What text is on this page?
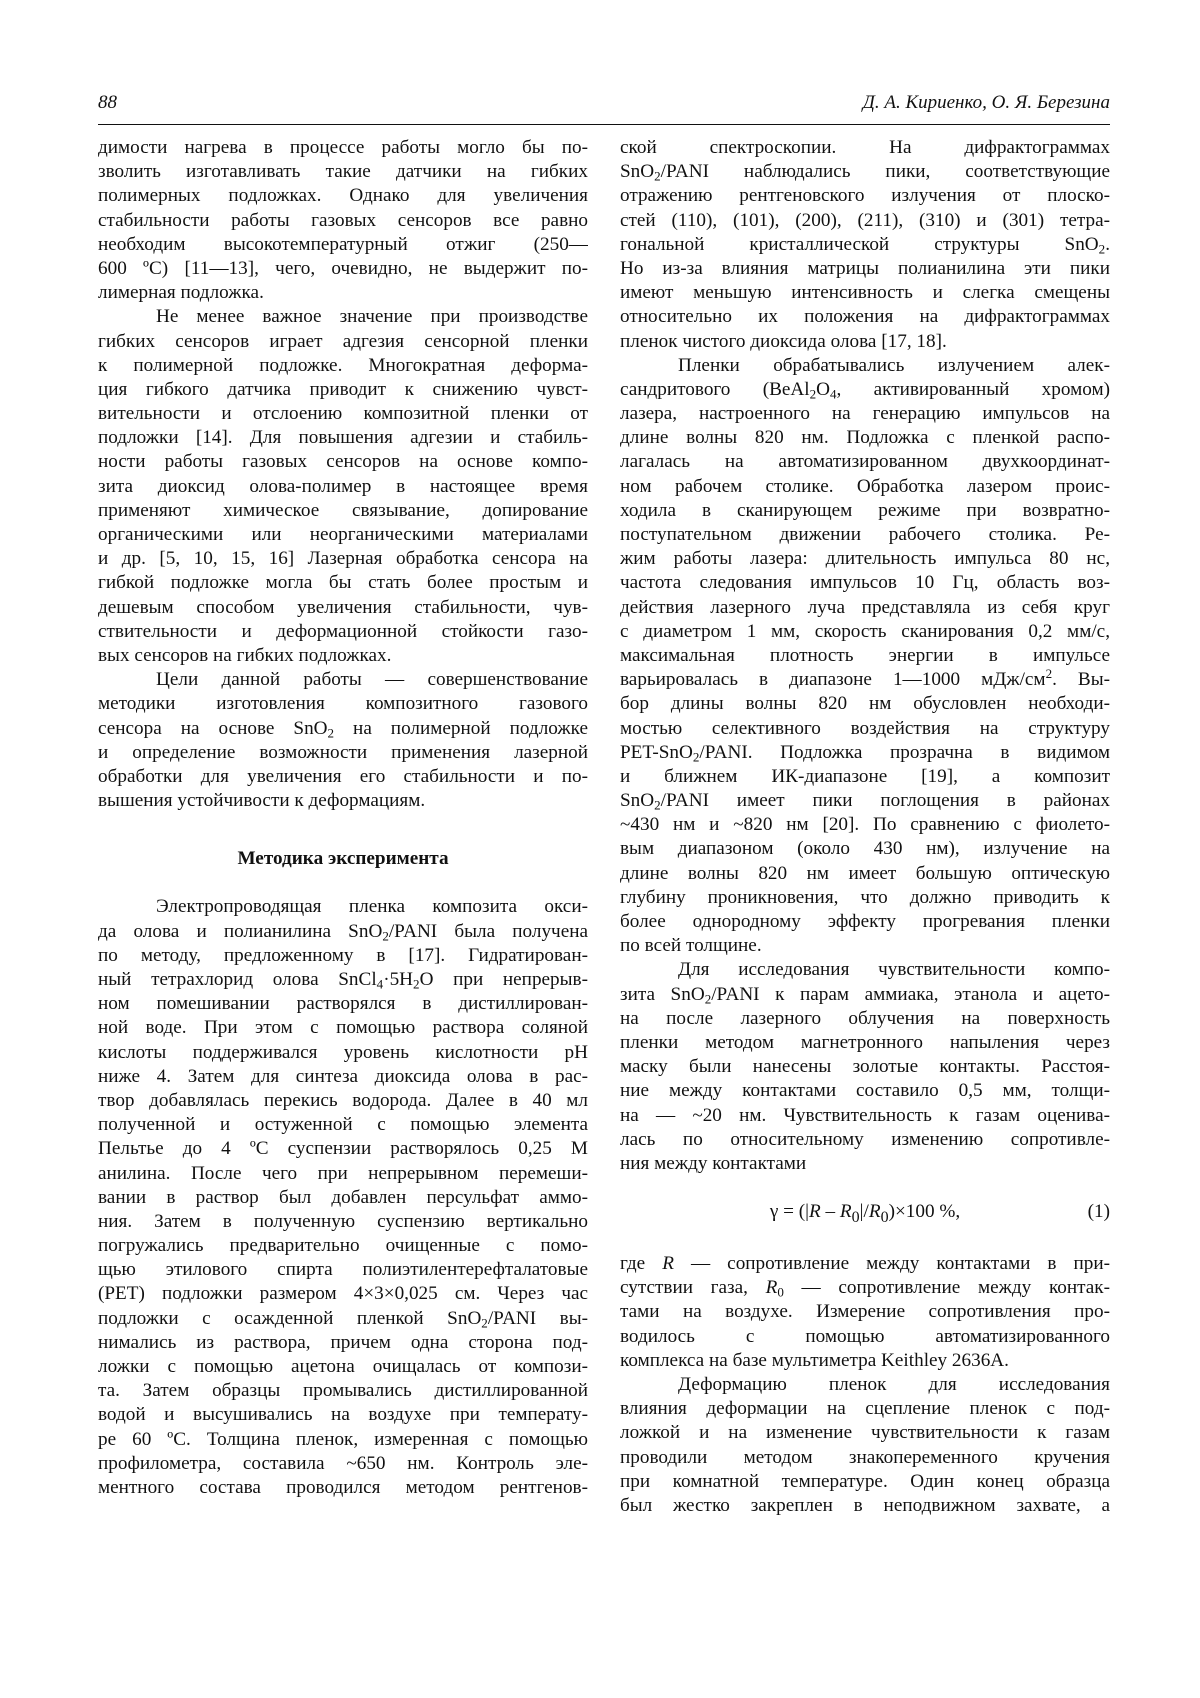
88	Д. А. Кириенко, О. Я. Березина
димости нагрева в процессе работы могло бы по-
зволить изготавливать такие датчики на гибких
полимерных подложках. Однако для увеличения
стабильности работы газовых сенсоров все равно
необходим высокотемпературный отжиг (250—
600 ºC) [11—13], чего, очевидно, не выдержит по-
лимерная подложка.
Не менее важное значение при производстве
гибких сенсоров играет адгезия сенсорной пленки
к полимерной подложке. Многократная деформа-
ция гибкого датчика приводит к снижению чувст-
вительности и отслоению композитной пленки от
подложки [14]. Для повышения адгезии и стабиль-
ности работы газовых сенсоров на основе компо-
зита диоксид олова-полимер в настоящее время
применяют химическое связывание, допирование
органическими или неорганическими материалами
и др. [5, 10, 15, 16] Лазерная обработка сенсора на
гибкой подложке могла бы стать более простым и
дешевым способом увеличения стабильности, чув-
ствительности и деформационной стойкости газо-
вых сенсоров на гибких подложках.
Цели данной работы — совершенствование
методики изготовления композитного газового
сенсора на основе SnO$_2$ на полимерной подложке
и определение возможности применения лазерной
обработки для увеличения его стабильности и по-
вышения устойчивости к деформациям.
Методика эксперимента
Электропроводящая пленка композита окси-
да олова и полианилина SnO$_2$/PANI была получена
по методу, предложенному в [17]. Гидратирован-
ный тетрахлорид олова $SnCl_4\cdot 5H_2O$ при непрерыв-
ном помешивании растворялся в дистиллирован-
ной воде. При этом с помощью раствора соляной
кислоты поддерживался уровень кислотности pH
ниже 4. Затем для синтеза диоксида олова в рас-
твор добавлялась перекись водорода. Далее в 40 мл
полученной и остуженной с помощью элемента
Пельтье до 4 ºC суспензии растворялось 0,25 M
анилина. После чего при непрерывном перемеши-
вании в раствор был добавлен персульфат аммо-
ния. Затем в полученную суспензию вертикально
погружались предварительно очищенные с помо-
щью этилового спирта полиэтилентерефталатовые
(PET) подложки размером 4×3×0,025 см. Через час
подложки с осажденной пленкой SnO$_2$/PANI вы-
нимались из раствора, причем одна сторона под-
ложки с помощью ацетона очищалась от компози-
та. Затем образцы промывались дистиллированной
водой и высушивались на воздухе при температу-
ре 60 ºC. Толщина пленок, измеренная с помощью
профилометра, составила ~650 нм. Контроль эле-
ментного состава проводился методом рентгенов-
ской спектроскопии. На дифрактограммах
SnO$_2$/PANI наблюдались пики, соответствующие
отражению рентгеновского излучения от плоско-
стей (110), (101), (200), (211), (310) и (301) тетра-
гональной кристаллической структуры SnO$_2$.
Но из-за влияния матрицы полианилина эти пики
имеют меньшую интенсивность и слегка смещены
относительно их положения на дифрактограммах
пленок чистого диоксида олова [17, 18].
Пленки обрабатывались излучением алек-
сандритового ($BeAl_2O_4$, активированный хромом)
лазера, настроенного на генерацию импульсов на
длине волны 820 нм. Подложка с пленкой распо-
лагалась на автоматизированном двухкоординат-
ном рабочем столике. Обработка лазером проис-
ходила в сканирующем режиме при возвратно-
поступательном движении рабочего столика. Ре-
жим работы лазера: длительность импульса 80 нс,
частота следования импульсов 10 Гц, область воз-
действия лазерного луча представляла из себя круг
с диаметром 1 мм, скорость сканирования 0,2 мм/с,
максимальная плотность энергии в импульсе
варьировалась в диапазоне 1—1000 мДж/$см^2$. Вы-
бор длины волны 820 нм обусловлен необходи-
мостью селективного воздействия на структуру
PET-SnO$_2$/PANI. Подложка прозрачна в видимом
и ближнем ИК-диапазоне [19], а композит
SnO$_2$/PANI имеет пики поглощения в районах
~430 нм и ~820 нм [20]. По сравнению с фиолето-
вым диапазоном (около 430 нм), излучение на
длине волны 820 нм имеет большую оптическую
глубину проникновения, что должно приводить к
более однородному эффекту прогревания пленки
по всей толщине.
Для исследования чувствительности компо-
зита SnO$_2$/PANI к парам аммиака, этанола и ацето-
на после лазерного облучения на поверхность
пленки методом магнетронного напыления через
маску были нанесены золотые контакты. Расстоя-
ние между контактами составило 0,5 мм, толщи-
на — ~20 нм. Чувствительность к газам оценива-
лась по относительному изменению сопротивле-
ния между контактами
$\gamma = (|R - R_0|/R_0)\times 100$ %,	(1)
где R — сопротивление между контактами в при-
сутствии газа, $R_0$ — сопротивление между контак-
тами на воздухе. Измерение сопротивления про-
водилось с помощью автоматизированного
комплекса на базе мультиметра Keithley 2636A.
Деформацию пленок для исследования
влияния деформации на сцепление пленок с под-
ложкой и на изменение чувствительности к газам
проводили методом знакопеременного кручения
при комнатной температуре. Один конец образца
был жестко закреплен в неподвижном захвате, а
